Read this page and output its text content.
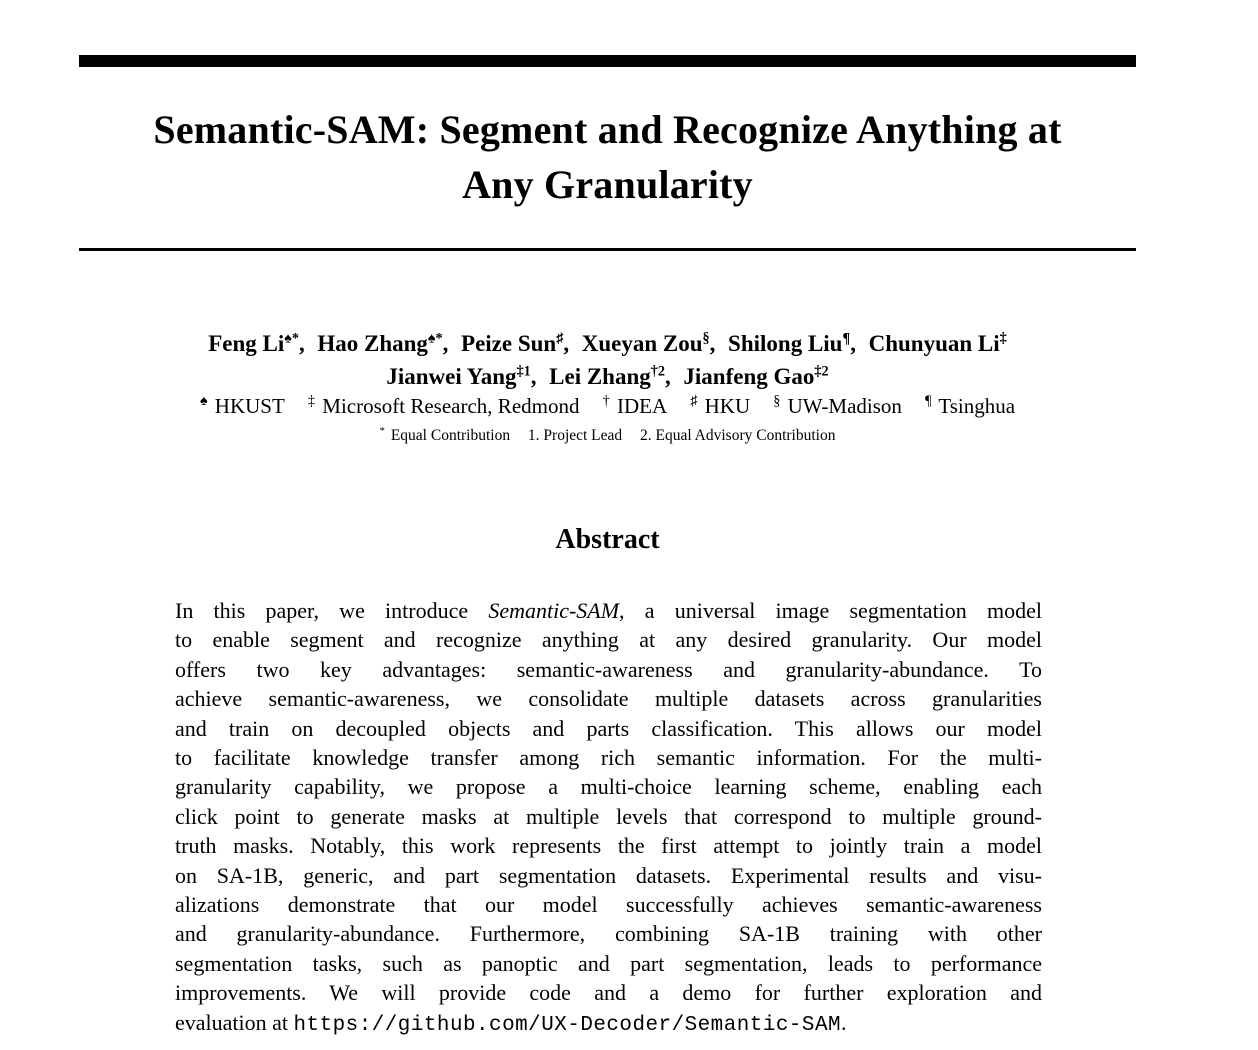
Semantic-SAM: Segment and Recognize Anything at
Any Granularity
Feng Li♠*, Hao Zhang♠*, Peize Sun♯, Xueyan Zou§, Shilong Liu¶, Chunyuan Li‡
Jianwei Yang$^{\ddagger 1}$, Lei Zhang$^{\dagger 2}$, Jianfeng Gao$^{\ddagger 2}$
♠ HKUST ‡ Microsoft Research, Redmond † IDEA ♯ HKU § UW-Madison ¶ Tsinghua
* Equal Contribution 1. Project Lead 2. Equal Advisory Contribution
Abstract
In this paper, we introduce Semantic-SAM, a universal image segmentation model
to enable segment and recognize anything at any desired granularity. Our model
offers two key advantages: semantic-awareness and granularity-abundance. To
achieve semantic-awareness, we consolidate multiple datasets across granularities
and train on decoupled objects and parts classification. This allows our model
to facilitate knowledge transfer among rich semantic information. For the multi-
granularity capability, we propose a multi-choice learning scheme, enabling each
click point to generate masks at multiple levels that correspond to multiple ground-
truth masks. Notably, this work represents the first attempt to jointly train a model
on SA-1B, generic, and part segmentation datasets. Experimental results and visu-
alizations demonstrate that our model successfully achieves semantic-awareness
and granularity-abundance. Furthermore, combining SA-1B training with other
segmentation tasks, such as panoptic and part segmentation, leads to performance
improvements. We will provide code and a demo for further exploration and
evaluation at https://github.com/UX-Decoder/Semantic-SAM.
